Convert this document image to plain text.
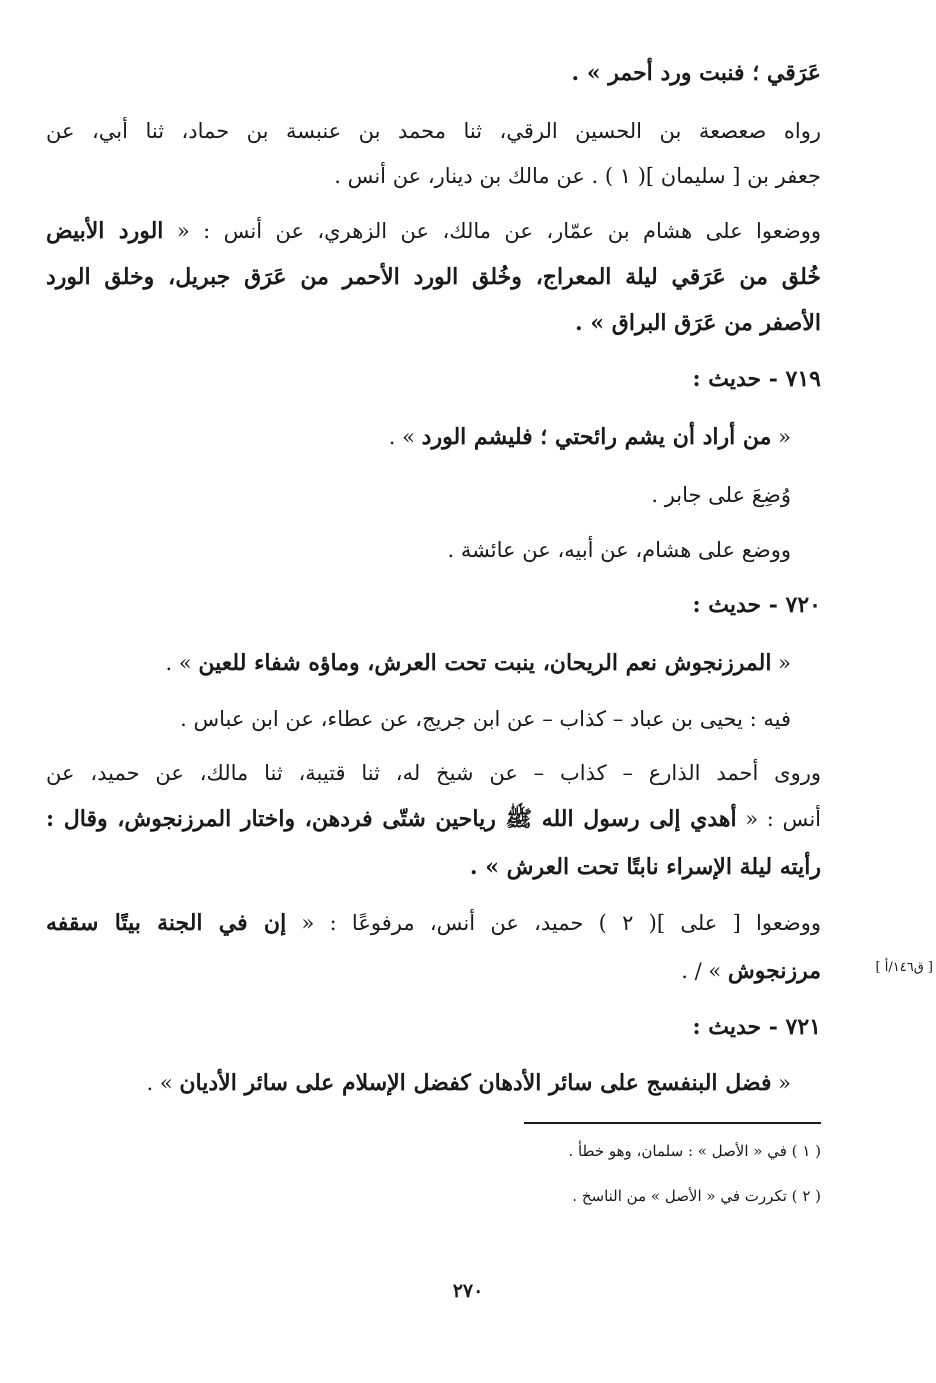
عَرَقي ؛ فنبت ورد أحمر » .
رواه صعصعة بن الحسين الرقي، ثنا محمد بن عنبسة بن حماد، ثنا أبي، عن
جعفر بن [ سليمان ]( ١ ) . عن مالك بن دينار، عن أنس .
ووضعوا على هشام بن عمّار، عن مالك، عن الزهري، عن أنس : « الورد الأبيض
خُلق من عَرَقي ليلة المعراج، وخُلق الورد الأحمر من عَرَق جبريل، وخلق الورد
الأصفر من عَرَق البراق » .
٧١٩ - حديث :
« من أراد أن يشم رائحتي ؛ فليشم الورد » .
وُضِعَ على جابر .
ووضع على هشام، عن أبيه، عن عائشة .
٧٢٠ - حديث :
« المرزنجوش نعم الريحان، ينبت تحت العرش، وماؤه شفاء للعين » .
فيه : يحيى بن عباد – كذاب – عن ابن جريج، عن عطاء، عن ابن عباس .
وروى أحمد الذارع – كذاب – عن شيخ له، ثنا قتيبة، ثنا مالك، عن حميد، عن
أنس : « أهدي إلى رسول الله ﷺ رياحين شتّى فردهن، واختار المرزنجوش، وقال :
رأيته ليلة الإسراء نابتًا تحت العرش » .
ووضعوا [ على ]( ٢ ) حميد، عن أنس، مرفوعًا : « إن في الجنة بيتًا سقفه
مرزنجوش » / .	[ ق١٤٦/أ ]
٧٢١ - حديث :
« فضل البنفسج على سائر الأدهان كفضل الإسلام على سائر الأديان » .
( ١ ) في « الأصل » : سلمان، وهو خطأ .
( ٢ ) تكررت في « الأصل » من الناسخ .
٢٧٠
